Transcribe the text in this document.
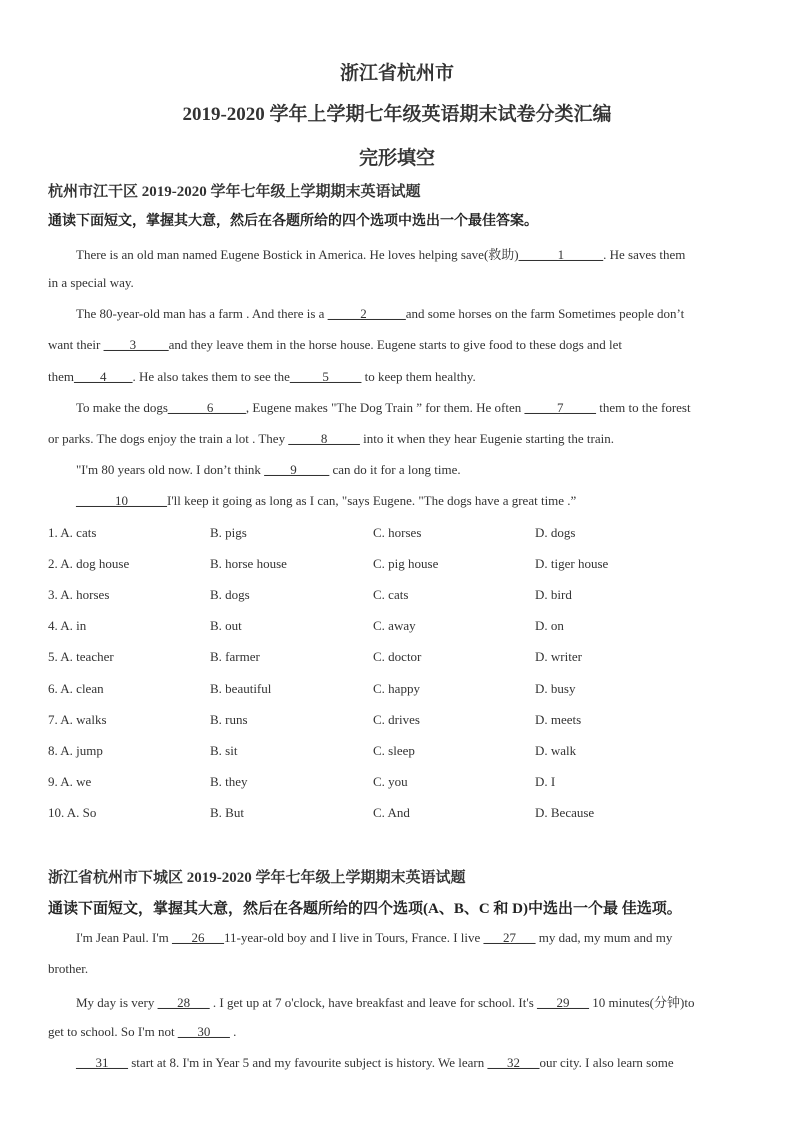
浙江省杭州市
2019-2020 学年上学期七年级英语期末试卷分类汇编
完形填空
杭州市江干区 2019-2020 学年七年级上学期期末英语试题
通读下面短文，掌握其大意，然后在各题所给的四个选项中选出一个最佳答案。
There is an old man named Eugene Bostick in America. He loves helping save(救助)______1______. He saves them
in a special way.
The 80-year-old man has a farm . And there is a _____2______and some horses on the farm Sometimes people don’t
want their ____3_____and they leave them in the horse house. Eugene starts to give food to these dogs and let
them____4____. He also takes them to see the_____5_____ to keep them healthy.
To make the dogs______6_____, Eugene makes "The Dog Train ” for them. He often _____7_____ them to the forest
or parks. The dogs enjoy the train a lot . They _____8_____ into it when they hear Eugenie starting the train.
"I'm 80 years old now. I don’t think ____9_____ can do it for a long time.
______10______I'll keep it going as long as I can, "says Eugene. "The dogs have a great time .”
1. A. cats	B. pigs	C. horses	D. dogs
2. A. dog house	B. horse house	C. pig house	D. tiger house
3. A. horses	B. dogs	C. cats	D. bird
4. A. in	B. out	C. away	D. on
5. A. teacher	B. farmer	C. doctor	D. writer
6. A. clean	B. beautiful	C. happy	D. busy
7. A. walks	B. runs	C. drives	D. meets
8. A. jump	B. sit	C. sleep	D. walk
9. A. we	B. they	C. you	D. I
10. A. So	B. But	C. And	D. Because
浙江省杭州市下城区 2019-2020 学年七年级上学期期末英语试题
通读下面短文，掌握其大意，然后在各题所给的四个选项(A、B、C 和 D)中选出一个最 佳选项。
I'm Jean Paul. I'm ___26___11-year-old boy and I live in Tours, France. I live ___27___ my dad, my mum and my
brother.
My day is very ___28___ . I get up at 7 o'clock, have breakfast and leave for school. It's ___29___ 10 minutes(分钟)to
get to school. So I'm not ___30___ .
___31___ start at 8. I'm in Year 5 and my favourite subject is history. We learn ___32___our city. I also learn some
